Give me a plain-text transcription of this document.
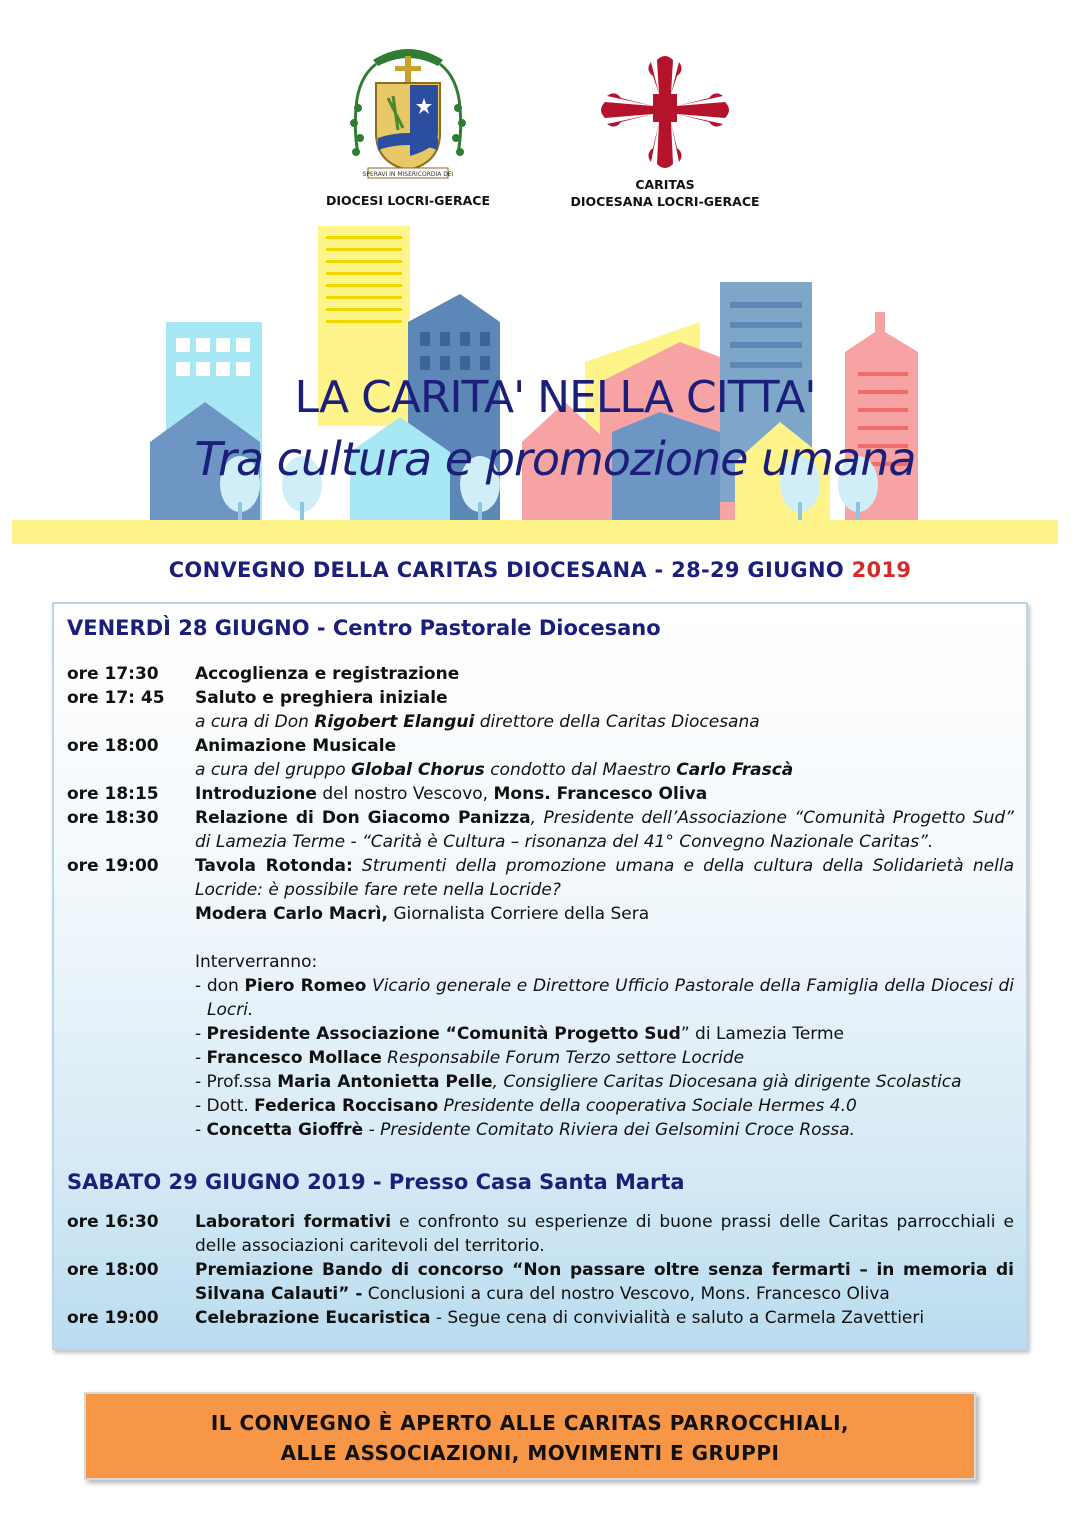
SPERAVI IN MISERICORDIA DEI
DIOCESI LOCRI-GERACE
CARITAS
DIOCESANA LOCRI-GERACE
LA CARITA' NELLA CITTA'
Tra cultura e promozione umana
CONVEGNO DELLA CARITAS DIOCESANA - 28-29 GIUGNO 2019
VENERDÌ 28 GIUGNO - Centro Pastorale Diocesano
ore 17:30	Accoglienza e registrazione
ore 17: 45	Saluto e preghiera iniziale
a cura di Don Rigobert Elangui direttore della Caritas Diocesana
ore 18:00	Animazione Musicale
a cura del gruppo Global Chorus condotto dal Maestro Carlo Frascà
ore 18:15	Introduzione del nostro Vescovo, Mons. Francesco Oliva
ore 18:30	Relazione di Don Giacomo Panizza, Presidente dell’Associazione “Comunità Progetto Sud” di Lamezia Terme - “Carità è Cultura – risonanza del 41° Convegno Nazionale Caritas”.
ore 19:00	Tavola Rotonda: Strumenti della promozione umana e della cultura della Solidarietà nella Locride: è possibile fare rete nella Locride?
Modera Carlo Macrì, Giornalista Corriere della Sera
Interverranno:
- don Piero Romeo Vicario generale e Direttore Ufficio Pastorale della Famiglia della Diocesi di Locri.
- Presidente Associazione “Comunità Progetto Sud” di Lamezia Terme
- Francesco Mollace Responsabile Forum Terzo settore Locride
- Prof.ssa Maria Antonietta Pelle, Consigliere Caritas Diocesana già dirigente Scolastica
- Dott. Federica Roccisano Presidente della cooperativa Sociale Hermes 4.0
- Concetta Gioffrè - Presidente Comitato Riviera dei Gelsomini Croce Rossa.
SABATO 29 GIUGNO 2019 - Presso Casa Santa Marta
ore 16:30	Laboratori formativi e confronto su esperienze di buone prassi delle Caritas parrocchiali e delle associazioni caritevoli del territorio.
ore 18:00	Premiazione Bando di concorso “Non passare oltre senza fermarti – in memoria di Silvana Calauti” - Conclusioni a cura del nostro Vescovo, Mons. Francesco Oliva
ore 19:00	Celebrazione Eucaristica - Segue cena di convivialità e saluto a Carmela Zavettieri
IL CONVEGNO È APERTO ALLE CARITAS PARROCCHIALI,
ALLE ASSOCIAZIONI, MOVIMENTI E GRUPPI
